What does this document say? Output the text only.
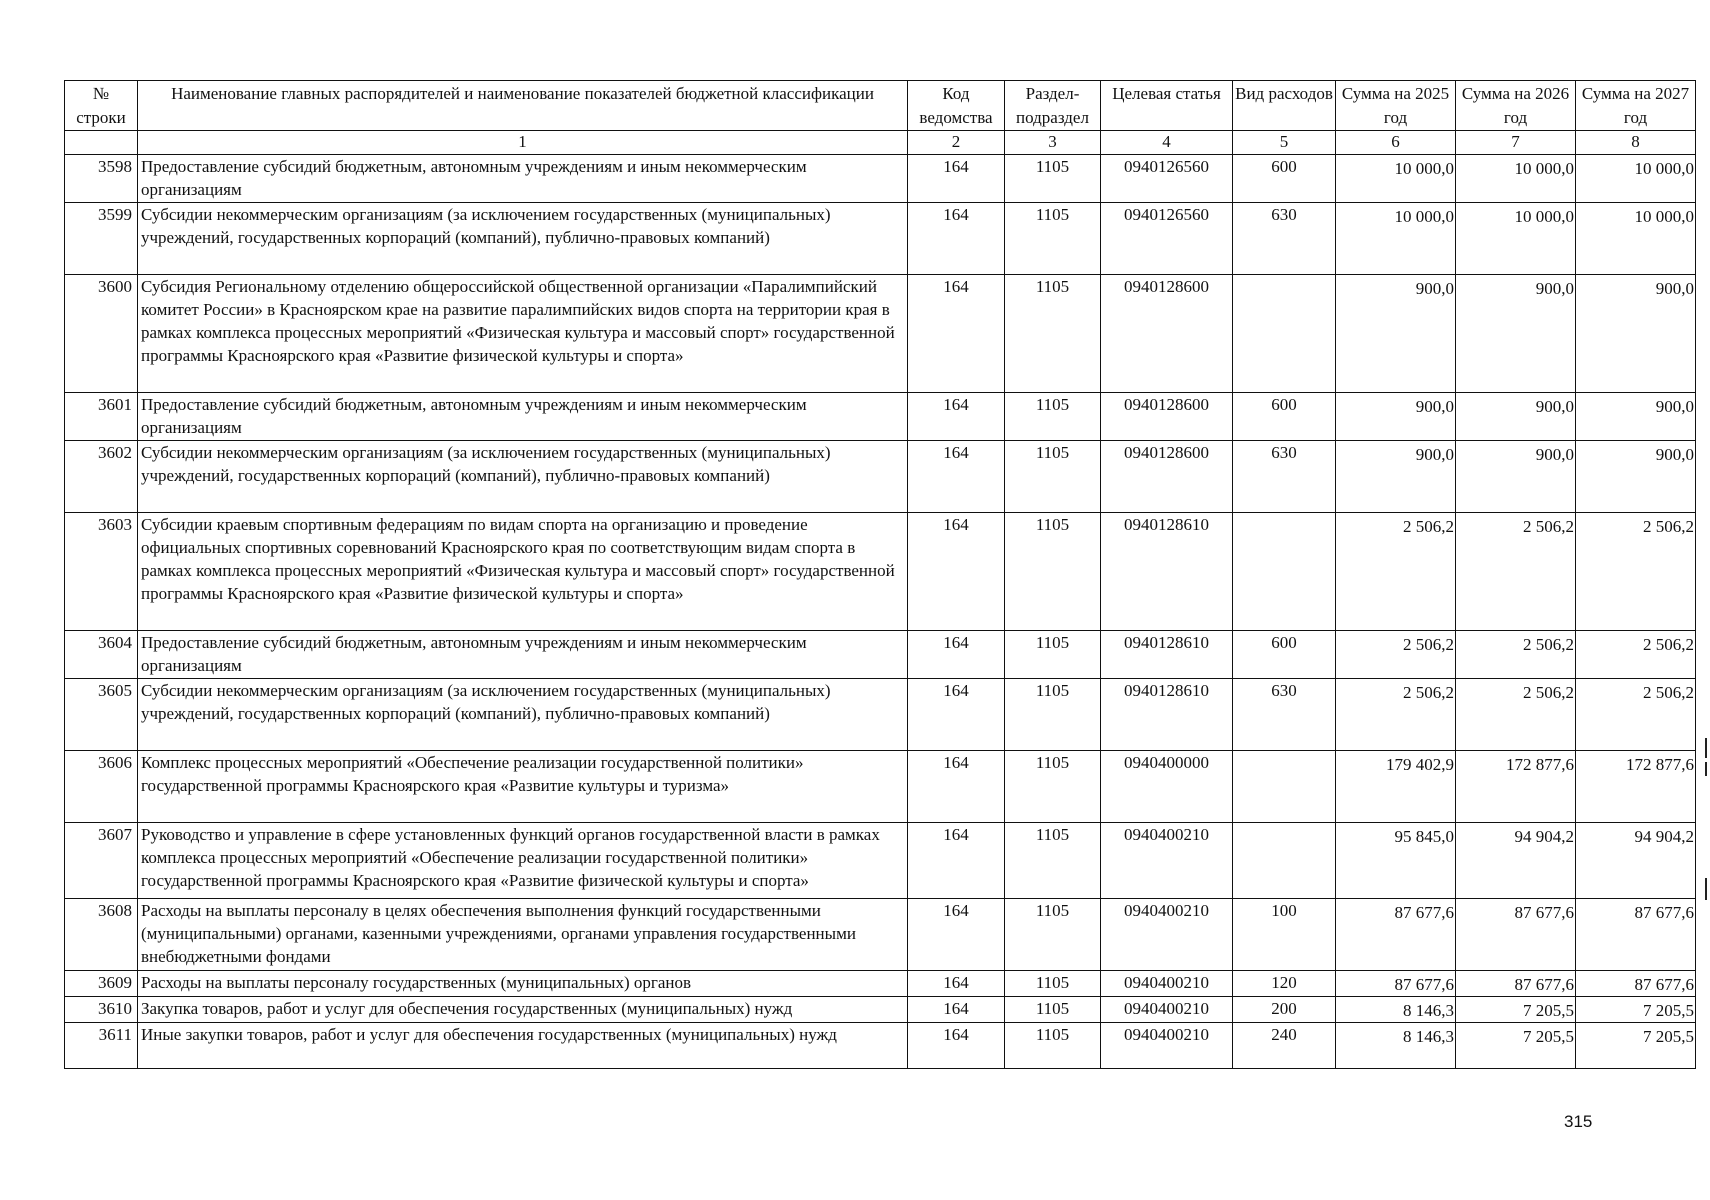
№ строки	Наименование главных распорядителей и наименование показателей бюджетной классификации	Код ведомства	Раздел-подраздел	Целевая статья	Вид расходов	Сумма на 2025 год	Сумма на 2026 год	Сумма на 2027 год
	1	2	3	4	5	6	7	8
3598	Предоставление субсидий бюджетным, автономным учреждениям и иным некоммерческим организациям	164	1105	0940126560	600	10 000,0	10 000,0	10 000,0
3599	Субсидии некоммерческим организациям (за исключением государственных (муниципальных) учреждений, государственных корпораций (компаний), публично-правовых компаний)	164	1105	0940126560	630	10 000,0	10 000,0	10 000,0
3600	Субсидия Региональному отделению общероссийской общественной организации «Паралимпийский комитет России» в Красноярском крае на развитие паралимпийских видов спорта на территории края в рамках комплекса процессных мероприятий «Физическая культура и массовый спорт» государственной программы Красноярского края «Развитие физической культуры и спорта»	164	1105	0940128600		900,0	900,0	900,0
3601	Предоставление субсидий бюджетным, автономным учреждениям и иным некоммерческим организациям	164	1105	0940128600	600	900,0	900,0	900,0
3602	Субсидии некоммерческим организациям (за исключением государственных (муниципальных) учреждений, государственных корпораций (компаний), публично-правовых компаний)	164	1105	0940128600	630	900,0	900,0	900,0
3603	Субсидии краевым спортивным федерациям по видам спорта на организацию и проведение официальных спортивных соревнований Красноярского края по соответствующим видам спорта в рамках комплекса процессных мероприятий «Физическая культура и массовый спорт» государственной программы Красноярского края «Развитие физической культуры и спорта»	164	1105	0940128610		2 506,2	2 506,2	2 506,2
3604	Предоставление субсидий бюджетным, автономным учреждениям и иным некоммерческим организациям	164	1105	0940128610	600	2 506,2	2 506,2	2 506,2
3605	Субсидии некоммерческим организациям (за исключением государственных (муниципальных) учреждений, государственных корпораций (компаний), публично-правовых компаний)	164	1105	0940128610	630	2 506,2	2 506,2	2 506,2
3606	Комплекс процессных мероприятий «Обеспечение реализации государственной политики» государственной программы Красноярского края «Развитие культуры и туризма»	164	1105	0940400000		179 402,9	172 877,6	172 877,6
3607	Руководство и управление в сфере установленных функций органов государственной власти в рамках комплекса процессных мероприятий «Обеспечение реализации государственной политики» государственной программы Красноярского края «Развитие физической культуры и спорта»	164	1105	0940400210		95 845,0	94 904,2	94 904,2
3608	Расходы на выплаты персоналу в целях обеспечения выполнения функций государственными (муниципальными) органами, казенными учреждениями, органами управления государственными внебюджетными фондами	164	1105	0940400210	100	87 677,6	87 677,6	87 677,6
3609	Расходы на выплаты персоналу государственных (муниципальных) органов	164	1105	0940400210	120	87 677,6	87 677,6	87 677,6
3610	Закупка товаров, работ и услуг для обеспечения государственных (муниципальных) нужд	164	1105	0940400210	200	8 146,3	7 205,5	7 205,5
3611	Иные закупки товаров, работ и услуг для обеспечения государственных (муниципальных) нужд	164	1105	0940400210	240	8 146,3	7 205,5	7 205,5
315
